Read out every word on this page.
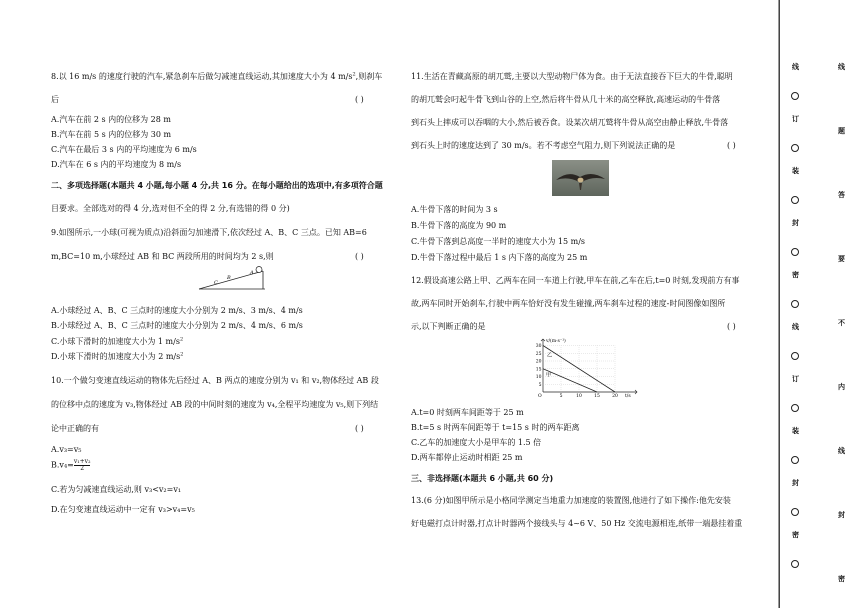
8.以 16 m/s 的速度行驶的汽车,紧急刹车后做匀减速直线运动,其加速度大小为 4 $m/s^2$,则刹车
后	( )
A.汽车在前 2 s 内的位移为 28 m
B.汽车在前 5 s 内的位移为 30 m
C.汽车在最后 3 s 内的平均速度为 6 m/s
D.汽车在 6 s 内的平均速度为 8 m/s
二、多项选择题(本题共 4 小题,每小题 4 分,共 16 分。在每小题给出的选项中,有多项符合题
目要求。全部选对的得 4 分,选对但不全的得 2 分,有选错的得 0 分)
9.如图所示,一小球(可视为质点)沿斜面匀加速滑下,依次经过 A、B、C 三点。已知 AB=6
m,BC=10 m,小球经过 AB 和 BC 两段所用的时间均为 2 s,则	( )
B
A
C
A.小球经过 A、B、C 三点时的速度大小分别为 2 m/s、3 m/s、4 m/s
B.小球经过 A、B、C 三点时的速度大小分别为 2 m/s、4 m/s、6 m/s
C.小球下滑时的加速度大小为 1 $m/s^2$
D.小球下滑时的加速度大小为 2 $m/s^2$
10.一个做匀变速直线运动的物体先后经过 A、B 两点的速度分别为 v₁ 和 v₂,物体经过 AB 段
的位移中点的速度为 v₃,物体经过 AB 段的中间时刻的速度为 v₄,全程平均速度为 v₅,则下列结
论中正确的有	( )
A.v₃=v₅
$B.v_4= \frac{\text{v₁+v₂}}{2}$
C.若为匀减速直线运动,则 v₃<v₂=v₁
D.在匀变速直线运动中一定有 v₃>v₄=v₅
11.生活在青藏高原的胡兀鹫,主要以大型动物尸体为食。由于无法直接吞下巨大的牛骨,聪明
的胡兀鹫会叼起牛骨飞到山谷的上空,然后将牛骨从几十米的高空释放,高速运动的牛骨落
到石头上摔成可以吞咽的大小,然后被吞食。设某次胡兀鹫将牛骨从高空由静止释放,牛骨落
到石头上时的速度达到了 30 m/s。若不考虑空气阻力,则下列说法正确的是	( )
A.牛骨下落的时间为 3 s
B.牛骨下落的高度为 90 m
C.牛骨下落到总高度一半时的速度大小为 15 m/s
D.牛骨下落过程中最后 1 s 内下落的高度为 25 m
12.假设高速公路上甲、乙两车在同一车道上行驶,甲车在前,乙车在后,t=0 时刻,发现前方有事
故,两车同时开始刹车,行驶中两车恰好没有发生碰撞,两车刹车过程的速度-时间图像如图所
示,以下判断正确的是	( )
v/(m·s⁻¹)
t/s
O
30
25
20
15
10
5
5	10	15	20
乙
甲
A.t=0 时刻两车间距等于 25 m
B.t=5 s 时两车间距等于 t=15 s 时的两车距离
C.乙车的加速度大小是甲车的 1.5 倍
D.两车都停止运动时相距 25 m
三、非选择题(本题共 6 小题,共 60 分)
13.(6 分)如图甲所示是小格同学测定当地重力加速度的装置图,他进行了如下操作:他先安装
好电磁打点计时器,打点计时器两个接线头与 4~6 V、50 Hz 交流电源相连,纸带一端悬挂着重
线
订
装
封
密
线
订
装
封
密
线
题
答
要
不
内
线
封
密
